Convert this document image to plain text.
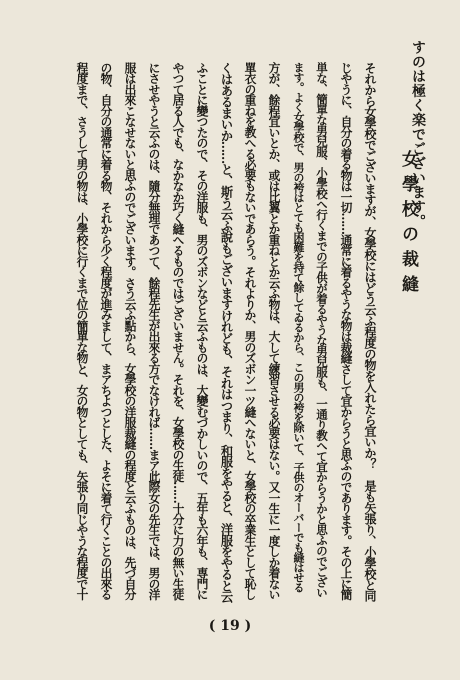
すのは極く楽でございます。
女學校の裁縫
それから女學校でございますが、女學校にはどう云ふ程度の物を入れたら宜いか？　是も矢張り、小學校と同
じやうに、自分の着る物は一切……通常に着るやうな物は裁縫さして宜からうと思ふのであります。その上に簡
単な、簡單な男兒服、小學校へ行くまでの子供が着るやうな男兒服も、一通り教へて宜からうかと思ふのでござい
ます。よく女學校で、男の袴はとても困難を持て餘してゐるから、この男の袴を除いて、子供のオーバーでも縫はせる
方が、餘程宜いとか、或は比翼とか重ねとか云ふ物は、大して練習させる必要はない。又一生に一度しか着ない
單衣の重ねを教へる必要もないであらう。それよりか、男のズボン一ツ縫へないと、女學校の卒業生として恥し
くはあるまいか……と、斯う云ふ說もございますけれども、それはつまり、和服をやると、洋服をやると云
ふことに變つたので、その洋服も、男のズボンなどと云ふものは、大變むづかしいので、五年も六年も、専門に
やつて居る人でも、なかなか巧く縫へるものではございません。それを、女學校の生徒……十分に力の無い生徒
にさせやうと云ふのは、隨分無理であつて、餘程先生が出來る方でなければ……まア此際女の先生では、男の洋
服は出來こなせないと思ふのでございます。さう云ふ點から、女學校の洋服裁縫の程度と云ふものは、先づ自分
の物、自分の通常に着る物、それから少く程度が進みまして、まアちよつとした、よそに着て行くことの出來る
程度まで、さうして男の物は、小學校に行くまで位の簡單な物と、女の物としても、矢張り同じやうな程度で十
( 19 )
